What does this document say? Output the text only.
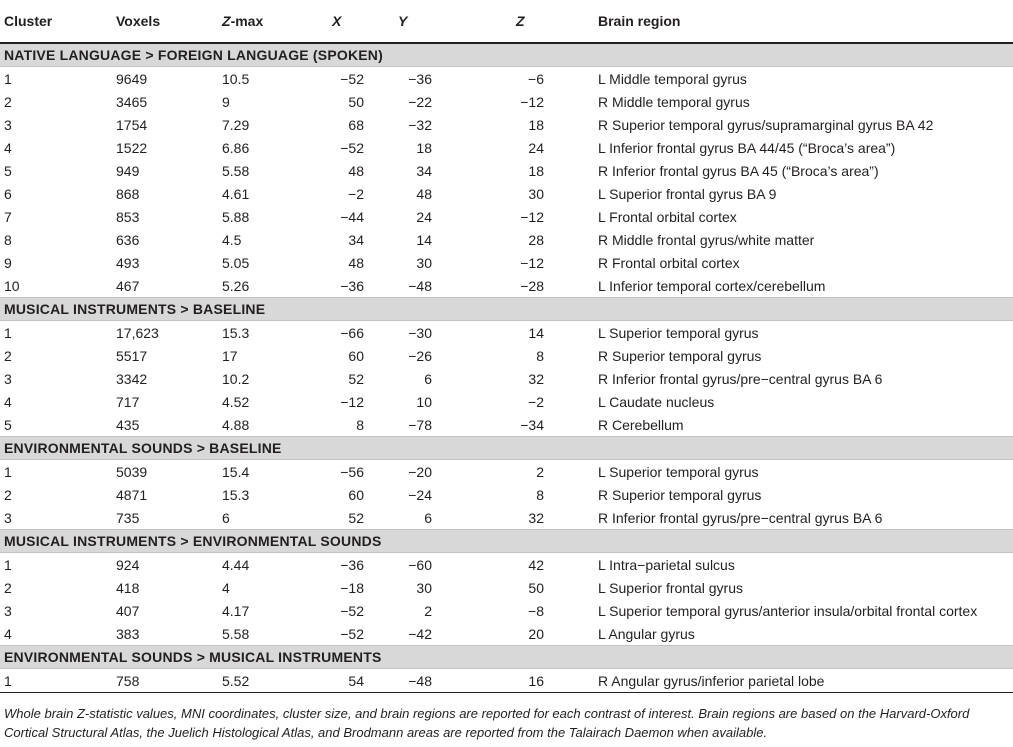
Cluster	Voxels	Z-max	X	Y	Z	Brain region
NATIVE LANGUAGE > FOREIGN LANGUAGE (SPOKEN)						
1	9649	10.5	−52	−36	−6	L Middle temporal gyrus
2	3465	9	50	−22	−12	R Middle temporal gyrus
3	1754	7.29	68	−32	18	R Superior temporal gyrus/supramarginal gyrus BA 42
4	1522	6.86	−52	18	24	L Inferior frontal gyrus BA 44/45 (“Broca’s area”)
5	949	5.58	48	34	18	R Inferior frontal gyrus BA 45 (“Broca’s area”)
6	868	4.61	−2	48	30	L Superior frontal gyrus BA 9
7	853	5.88	−44	24	−12	L Frontal orbital cortex
8	636	4.5	34	14	28	R Middle frontal gyrus/white matter
9	493	5.05	48	30	−12	R Frontal orbital cortex
10	467	5.26	−36	−48	−28	L Inferior temporal cortex/cerebellum
MUSICAL INSTRUMENTS > BASELINE						
1	17,623	15.3	−66	−30	14	L Superior temporal gyrus
2	5517	17	60	−26	8	R Superior temporal gyrus
3	3342	10.2	52	6	32	R Inferior frontal gyrus/pre−central gyrus BA 6
4	717	4.52	−12	10	−2	L Caudate nucleus
5	435	4.88	8	−78	−34	R Cerebellum
ENVIRONMENTAL SOUNDS > BASELINE						
1	5039	15.4	−56	−20	2	L Superior temporal gyrus
2	4871	15.3	60	−24	8	R Superior temporal gyrus
3	735	6	52	6	32	R Inferior frontal gyrus/pre−central gyrus BA 6
MUSICAL INSTRUMENTS > ENVIRONMENTAL SOUNDS						
1	924	4.44	−36	−60	42	L Intra−parietal sulcus
2	418	4	−18	30	50	L Superior frontal gyrus
3	407	4.17	−52	2	−8	L Superior temporal gyrus/anterior insula/orbital frontal cortex
4	383	5.58	−52	−42	20	L Angular gyrus
ENVIRONMENTAL SOUNDS > MUSICAL INSTRUMENTS						
1	758	5.52	54	−48	16	R Angular gyrus/inferior parietal lobe
Whole brain Z-statistic values, MNI coordinates, cluster size, and brain regions are reported for each contrast of interest. Brain regions are based on the Harvard-Oxford Cortical Structural Atlas, the Juelich Histological Atlas, and Brodmann areas are reported from the Talairach Daemon when available.
